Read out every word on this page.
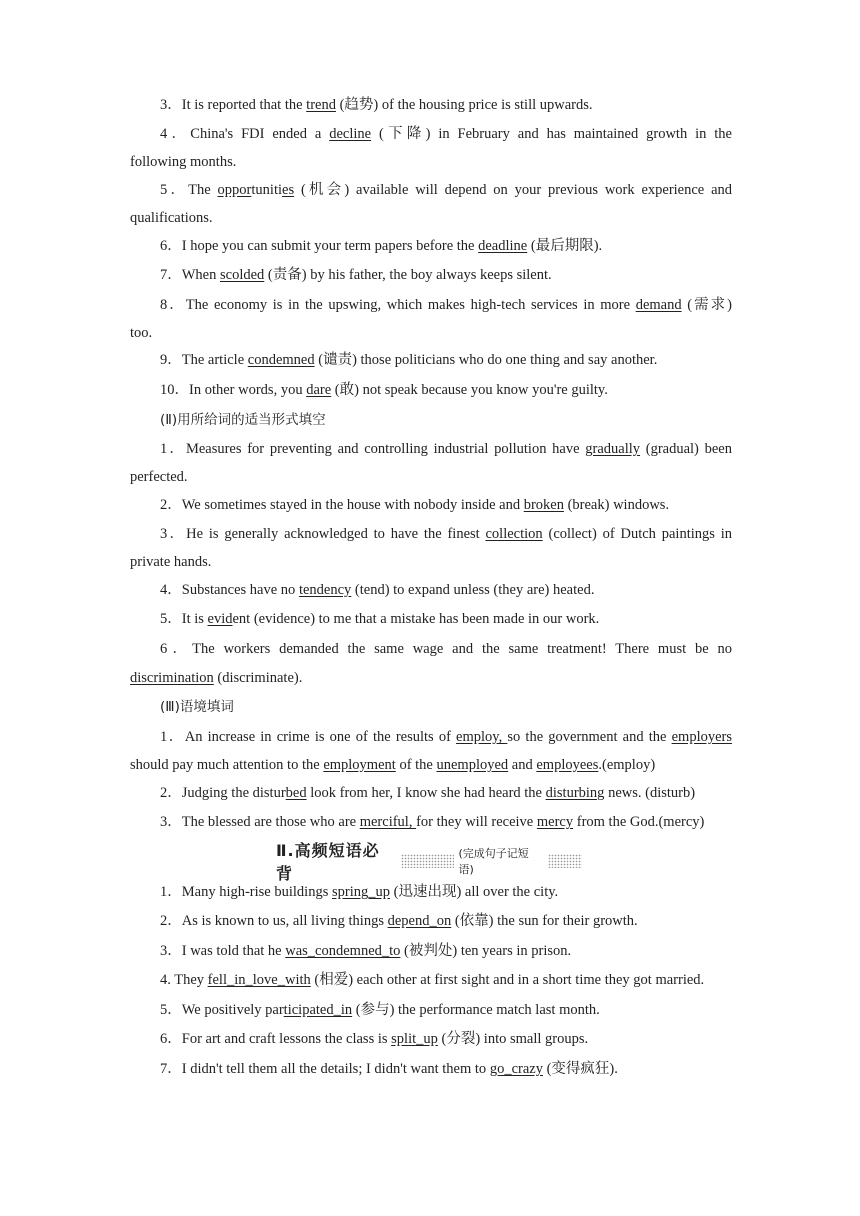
3．It is reported that the trend (趋势) of the housing price is still upwards.
4．China's FDI ended a decline (下降) in February and has maintained growth in the
following months.
5．The opportunities (机会) available will depend on your previous work experience and
qualifications.
6．I hope you can submit your term papers before the deadline (最后期限).
7．When scolded (责备) by his father, the boy always keeps silent.
8．The economy is in the upswing, which makes high-tech services in more demand (需求)
too.
9．The article condemned (谴责) those politicians who do one thing and say another.
10．In other words, you dare (敢) not speak because you know you're guilty.
(Ⅱ)用所给词的适当形式填空
1．Measures for preventing and controlling industrial pollution have gradually (gradual) been
perfected.
2．We sometimes stayed in the house with nobody inside and broken (break) windows.
3．He is generally acknowledged to have the finest collection (collect) of Dutch paintings in
private hands.
4．Substances have no tendency (tend) to expand unless (they are) heated.
5．It is evident (evidence) to me that a mistake has been made in our work.
6．The workers demanded the same wage and the same treatment! There must be no
discrimination (discriminate).
(Ⅲ)语境填词
1．An increase in crime is one of the results of employ, so the government and the employers
should pay much attention to the employment of the unemployed and employees.(employ)
2．Judging the disturbed look from her, I know she had heard the disturbing news. (disturb)
3．The blessed are those who are merciful, for they will receive mercy from the God.(mercy)
Ⅱ.高频短语必背
(完成句子记短语)
1．Many high-rise buildings spring_up (迅速出现) all over the city.
2．As is known to us, all living things depend_on (依靠) the sun for their growth.
3．I was told that he was_condemned_to (被判处) ten years in prison.
4. They fell_in_love_with (相爱) each other at first sight and in a short time they got married.
5．We positively participated_in (参与) the performance match last month.
6．For art and craft lessons the class is split_up (分裂) into small groups.
7．I didn't tell them all the details; I didn't want them to go_crazy (变得疯狂).
